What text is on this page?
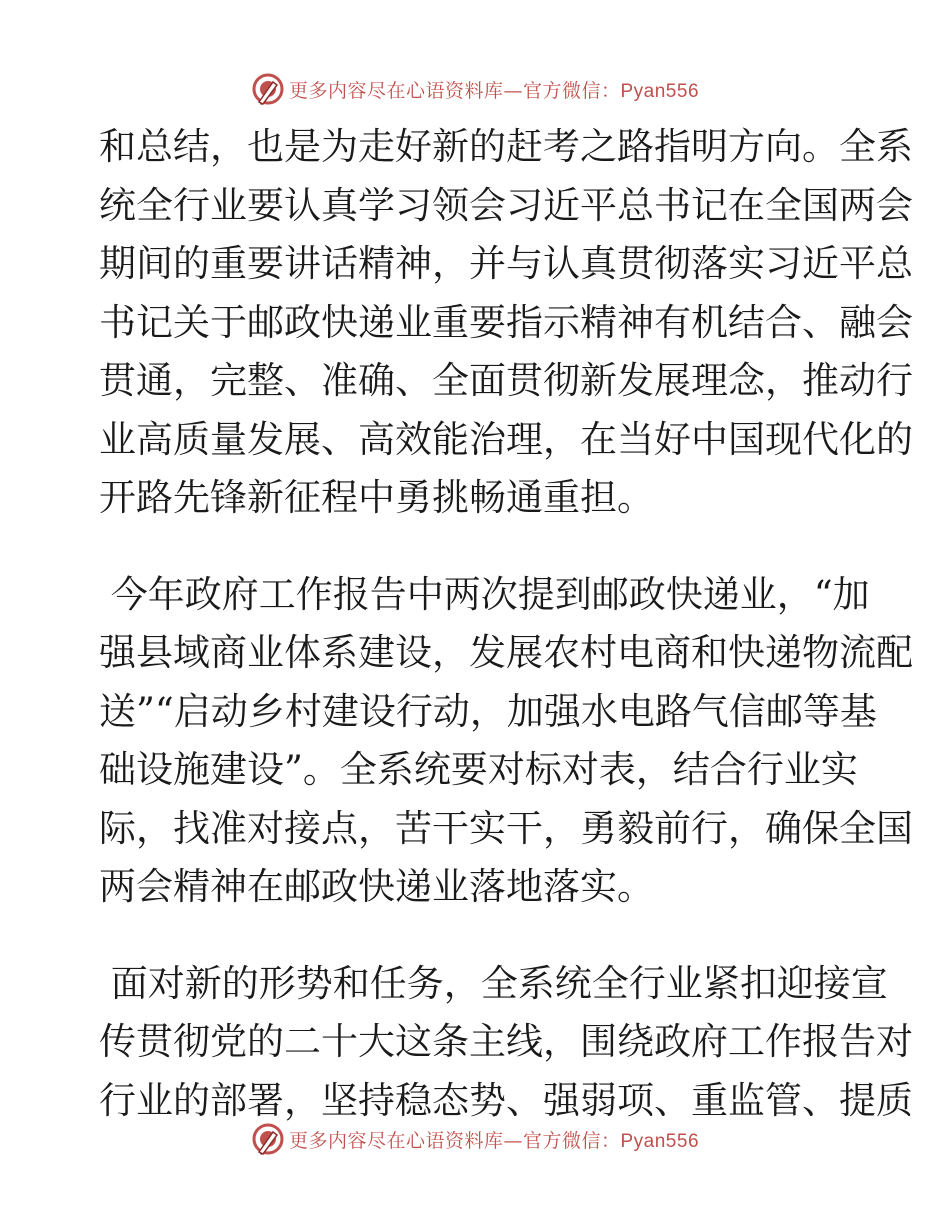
更多内容尽在心语资料库—官方微信：Pyan556
和总结，也是为走好新的赶考之路指明方向。全系
统全行业要认真学习领会习近平总书记在全国两会
期间的重要讲话精神，并与认真贯彻落实习近平总
书记关于邮政快递业重要指示精神有机结合、融会
贯通，完整、准确、全面贯彻新发展理念，推动行
业高质量发展、高效能治理，在当好中国现代化的
开路先锋新征程中勇挑畅通重担。
今年政府工作报告中两次提到邮政快递业，“加
强县域商业体系建设，发展农村电商和快递物流配
送”“启动乡村建设行动，加强水电路气信邮等基
础设施建设”。全系统要对标对表，结合行业实
际，找准对接点，苦干实干，勇毅前行，确保全国
两会精神在邮政快递业落地落实。
面对新的形势和任务，全系统全行业紧扣迎接宣
传贯彻党的二十大这条主线，围绕政府工作报告对
行业的部署，坚持稳态势、强弱项、重监管、提质
更多内容尽在心语资料库—官方微信：Pyan556
